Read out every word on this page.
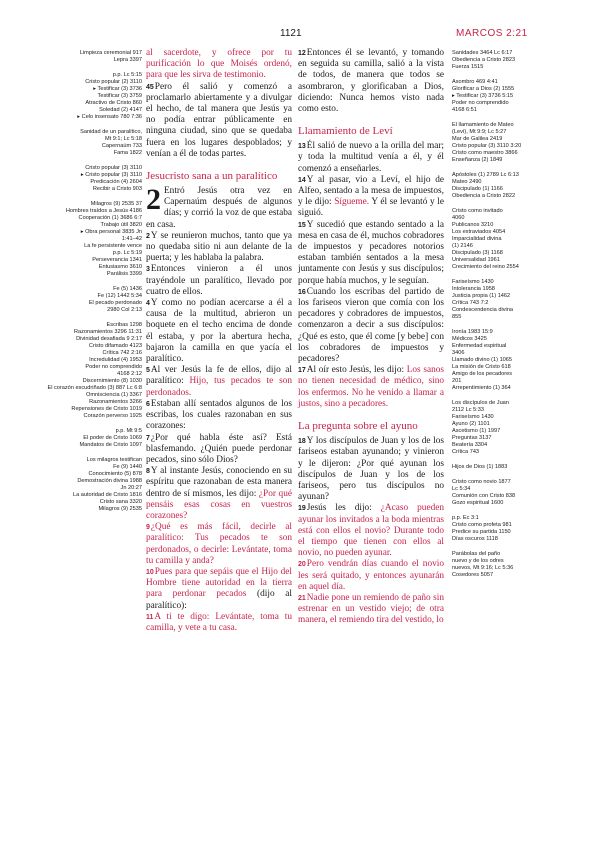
1121	MARCOS 2:21
Limpieza ceremonial 917
Lepra 3397
p.p. Lc 5:15
Cristo popular (2) 3110
▸ Testificar (3) 3736
Testificar (3) 3759
Atractivo de Cristo 860
Soledad (2) 4147
▸ Celo insensato 780 7:36
Sanidad de un paralítico,
Mt 9:1; Lc 5:18
Capernaúm 733
Fama 1822
Cristo popular (3) 3110
▸ Cristo popular (3) 3110
Predicación (4) 2604
Recibir a Cristo 903
Milagros (9) 2535 37
Hombres traídos a Jesús 4186
Cooperación (1) 3686 6:7
Trabajo útil 3820
▸ Obra personal 3835 Jn
1:41–42
La fe persistente vence
p.p. Lc 5:19
Perseverancia 1341
Entusiasmo 3610
Parálisis 3399
Fe (5) 1436
Fe (12) 1442 5:34
El pecado perdonado
2980 Col 2:13
Escribas 1298
Razonamientos 3296 11:31
Divinidad desafiada 9 2:17
Cristo difamado 4123
Crítica 742 2:16
Incredulidad (4) 1953
Poder no comprendido
4168 2:12
Discernimiento (8) 1030
El corazón escudriñado (3) 887 Lc 6:8
Omnisciencia (1) 3367
Razonamientos 3266
Repensiones de Cristo 1019
Corazón perverso 1925
p.p. Mt 9:5
El poder de Cristo 1069
Mandatos de Cristo 1097
Los milagros testifican
Fe (9) 1440
Conocimiento (5) 878
Demostración divina 1988
Jn 20:27
La autoridad de Cristo 1816
Cristo sana 3320
Milagros (9) 2535
Sanidades 3464 Lc 6:17
Obediencia a Cristo 2823
Fuerza 1515
Asombro 469 4:41
Glorificar a Dios (2) 1555
▸ Testificar (3) 3736 5:15
Poder no comprendido
4168 6:51
El llamamiento de Mateo
(Leví), Mt 9:9; Lc 5:27
Mar de Galilea 2419
Cristo popular (3) 3110 3:20
Cristo como maestro 3866
Enseñanza (2) 1849
Apóstoles (1) 2789 Lc 6:13
Mateo 2490
Discipulado (1) 1166
Obediencia a Cristo 2822
Cristo como invitado
4060
Publicanos 3210
Los extraviados 4054
Imparcialidad divina
(1) 2146
Discipulado (3) 1168
Universalidad 1961
Crecimiento del reino 2554
Fariseísmo 1430
Intolerancia 1958
Justicia propia (1) 1462
Crítica 743 7:2
Condescendencia divina
855
Ironía 1983 15:9
Médicos 3425
Enfermedad espiritual
3406
Llamado divino (1) 1065
La misión de Cristo 618
Amigo de los pecadores
201
Arrepentimiento (1) 364
Los discípulos de Juan
2112 Lc 5:33
Fariseísmo 1430
Ayuno (2) 1101
Ascetismo (1) 1997
Preguntas 3137
Beatería 3304
Crítica 743
Hijos de Dios (1) 1883
Cristo como novio 1877
Lc 5:34
Comunión con Cristo 838
Gozo espiritual 1600
p.p. Ec 3:1
Cristo como profeta 981
Predice su partida 1150
Días oscuros 1118
Parábolas del paño
nuevo y de los odres
nuevos, Mt 9:16; Lc 5:36
Cosedores 5057

al sacerdote, y ofrece por tu purificación lo que Moisés ordenó, para que les sirva de testimonio.

$^{45}$Pero él salió y comenzó a proclamarlo abiertamente y a divulgar el hecho, de tal manera que Jesús ya no podía entrar públicamente en ninguna ciudad, sino que se quedaba fuera en los lugares despoblados; y venían a él de todas partes.

Jesucristo sana a un paralítico

2 Entró Jesús otra vez en Capernaúm después de algunos días; y corrió la voz de que estaba en casa.

$^2$Y se reunieron muchos, tanto que ya no quedaba sitio ni aun delante de la puerta; y les hablaba la palabra.

$^3$Entonces vinieron a él unos trayéndole un paralítico, llevado por cuatro de ellos.

$^4$Y como no podían acercarse a él a causa de la multitud, abrieron un boquete en el techo encima de donde él estaba, y por la abertura hecha, bajaron la camilla en que yacía el paralítico.

$^5$Al ver Jesús la fe de ellos, dijo al paralítico: Hijo, tus pecados te son perdonados.

$^6$Estaban allí sentados algunos de los escribas, los cuales razonaban en sus corazones:

$^7$¿Por qué habla éste así? Está blasfemando. ¿Quién puede perdonar pecados, sino sólo Dios?

$^8$Y al instante Jesús, conociendo en su espíritu que razonaban de esta manera dentro de sí mismos, les dijo: ¿Por qué pensáis esas cosas en vuestros corazones?

$^9$¿Qué es más fácil, decirle al paralítico: Tus pecados te son perdonados, o decirle: Levántate, toma tu camilla y anda?

$^{10}$Pues para que sepáis que el Hijo del Hombre tiene autoridad en la tierra para perdonar pecados (dijo al paralítico):

$^{11}$A ti te digo: Levántate, toma tu camilla, y vete a tu casa.

$^{12}$Entonces él se levantó, y tomando en seguida su camilla, salió a la vista de todos, de manera que todos se asombraron, y glorificaban a Dios, diciendo: Nunca hemos visto nada como esto.

Llamamiento de Leví

$^{13}$Él salió de nuevo a la orilla del mar; y toda la multitud venía a él, y él comenzó a enseñarles.

$^{14}$Y al pasar, vio a Leví, el hijo de Alfeo, sentado a la mesa de impuestos, y le dijo: Sígueme. Y él se levantó y le siguió.

$^{15}$Y sucedió que estando sentado a la mesa en casa de él, muchos cobradores de impuestos y pecadores notorios estaban también sentados a la mesa juntamente con Jesús y sus discípulos; porque había muchos, y le seguían.

$^{16}$Cuando los escribas del partido de los fariseos vieron que comía con los pecadores y cobradores de impuestos, comenzaron a decir a sus discípulos: ¿Qué es esto, que él come [y bebe] con los cobradores de impuestos y pecadores?

$^{17}$Al oír esto Jesús, les dijo: Los sanos no tienen necesidad de médico, sino los enfermos. No he venido a llamar a justos, sino a pecadores.

La pregunta sobre el ayuno

$^{18}$Y los discípulos de Juan y los de los fariseos estaban ayunando; y vinieron y le dijeron: ¿Por qué ayunan los discípulos de Juan y los de los fariseos, pero tus discípulos no ayunan?

$^{19}$Jesús les dijo: ¿Acaso pueden ayunar los invitados a la boda mientras está con ellos el novio? Durante todo el tiempo que tienen con ellos al novio, no pueden ayunar.

$^{20}$Pero vendrán días cuando el novio les será quitado, y entonces ayunarán en aquel día.

$^{21}$Nadie pone un remiendo de paño sin estrenar en un vestido viejo; de otra manera, el remiendo tira del vestido, lo
